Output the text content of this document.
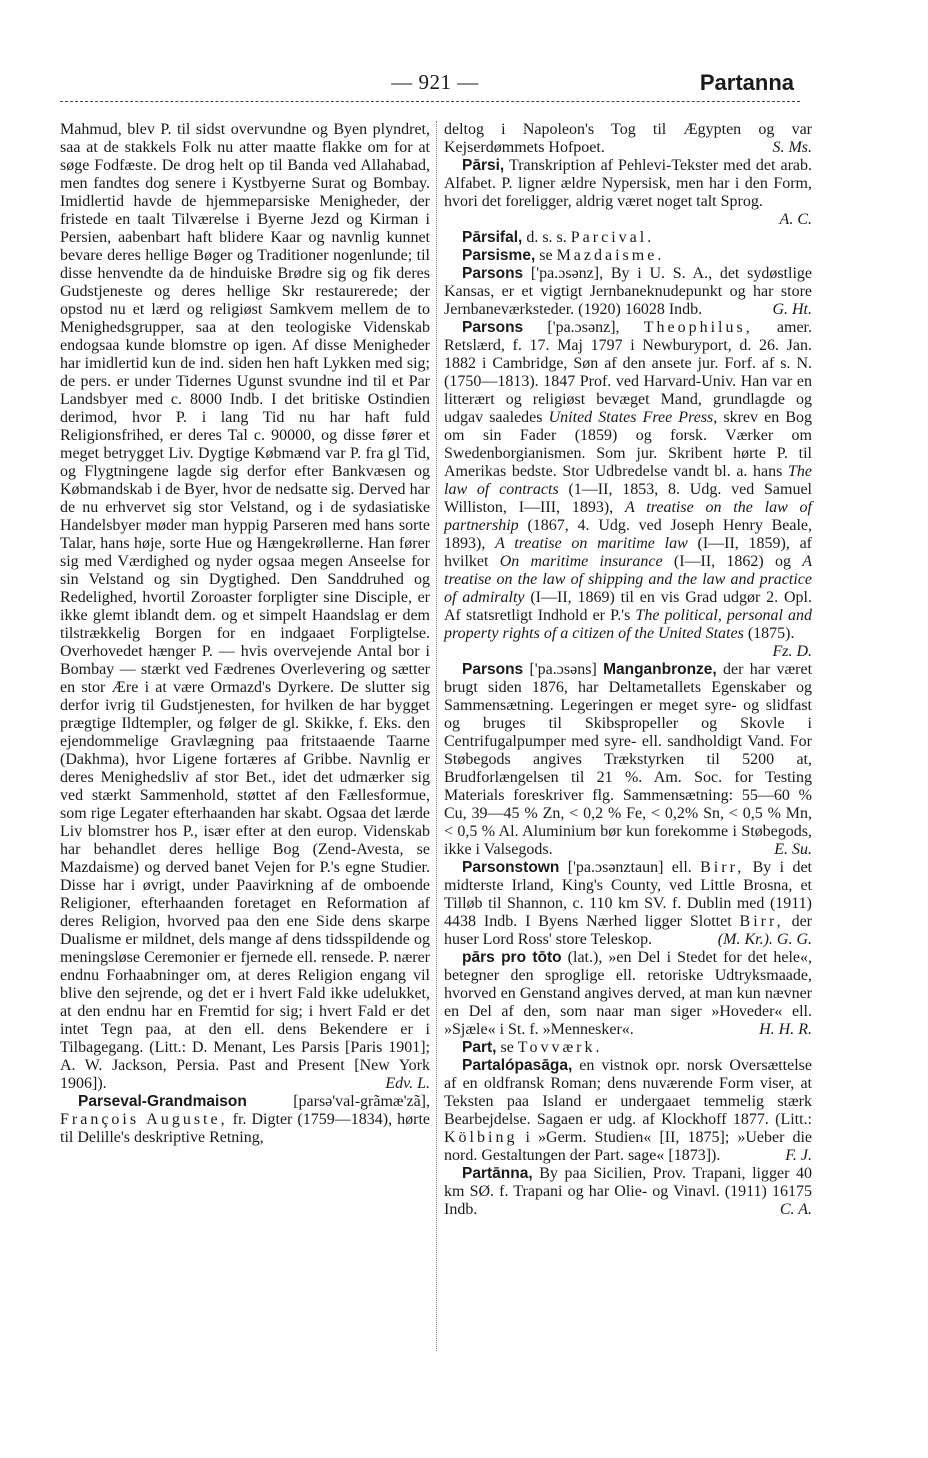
— 921 —	Partanna

Mahmud, blev P. til sidst overvundne og Byen plyndret, saa at de stakkels Folk nu atter maatte flakke om for at søge Fodfæste. De drog helt op til Banda ved Allahabad, men fandtes dog senere i Kystbyerne Surat og Bombay. Imidlertid havde de hjemmeparsiske Menigheder, der fristede en taalt Tilværelse i Byerne Jezd og Kirman i Persien, aabenbart haft blidere Kaar og navnlig kunnet bevare deres hellige Bøger og Traditioner nogenlunde; til disse henvendte da de hinduiske Brødre sig og fik deres Gudstjeneste og deres hellige Skr restaurerede; der opstod nu et lærd og religiøst Samkvem mellem de to Menighedsgrupper, saa at den teologiske Videnskab endogsaa kunde blomstre op igen. Af disse Menigheder har imidlertid kun de ind. siden hen haft Lykken med sig; de pers. er under Tidernes Ugunst svundne ind til et Par Landsbyer med c. 8000 Indb. I det britiske Ostindien derimod, hvor P. i lang Tid nu har haft fuld Religionsfrihed, er deres Tal c. 90000, og disse fører et meget betrygget Liv. Dygtige Købmænd var P. fra gl Tid, og Flygtningene lagde sig derfor efter Bankvæsen og Købmandskab i de Byer, hvor de nedsatte sig. Derved har de nu erhvervet sig stor Velstand, og i de sydasiatiske Handelsbyer møder man hyppig Parseren med hans sorte Talar, hans høje, sorte Hue og Hængekrøllerne. Han fører sig med Værdighed og nyder ogsaa megen Anseelse for sin Velstand og sin Dygtighed. Den Sanddruhed og Redelighed, hvortil Zoroaster forpligter sine Disciple, er ikke glemt iblandt dem. og et simpelt Haandslag er dem tilstrækkelig Borgen for en indgaaet Forpligtelse. Overhovedet hænger P. — hvis overvejende Antal bor i Bombay — stærkt ved Fædrenes Overlevering og sætter en stor Ære i at være Ormazd's Dyrkere. De slutter sig derfor ivrig til Gudstjenesten, for hvilken de har bygget prægtige Ildtempler, og følger de gl. Skikke, f. Eks. den ejendommelige Gravlægning paa fritstaaende Taarne (Dakhma), hvor Ligene fortæres af Gribbe. Navnlig er deres Menighedsliv af stor Bet., idet det udmærker sig ved stærkt Sammenhold, støttet af den Fællesformue, som rige Legater efterhaanden har skabt. Ogsaa det lærde Liv blomstrer hos P., især efter at den europ. Videnskab har behandlet deres hellige Bog (Zend-Avesta, se Mazdaisme) og derved banet Vejen for P.'s egne Studier. Disse har i øvrigt, under Paavirkning af de omboende Religioner, efterhaanden foretaget en Reformation af deres Religion, hvorved paa den ene Side dens skarpe Dualisme er mildnet, dels mange af dens tidsspildende og meningsløse Ceremonier er fjernede ell. rensede. P. nærer endnu Forhaabninger om, at deres Religion engang vil blive den sejrende, og det er i hvert Fald ikke udelukket, at den endnu har en Fremtid for sig; i hvert Fald er det intet Tegn paa, at den ell. dens Bekendere er i Tilbagegang. (Litt.: D. Menant, Les Parsis [Paris 1901]; A. W. Jackson, Persia. Past and Present [New York 1906]).	Edv. L.

Parseval-Grandmaison	[parsə'val-grãmæ'zã], François Auguste, fr. Digter (1759—1834), hørte til Delille's deskriptive Retning,

deltog i Napoleon's Tog til Ægypten og var Kejserdømmets Hofpoet.	S. Ms.

Pārsi, Transkription af Pehlevi-Tekster med det arab. Alfabet. P. ligner ældre Nypersisk, men har i den Form, hvori det foreligger, aldrig været noget talt Sprog.
A. C.

Pārsifal, d. s. s. Parcival.

Parsisme, se Mazdaisme.

Parsons ['pa.ɔsənz], By i U. S. A., det sydøstlige Kansas, er et vigtigt Jernbaneknudepunkt og har store Jernbaneværksteder. (1920) 16028 Indb.	G. Ht.

Parsons ['pa.ɔsənz], Theophilus, amer. Retslærd, f. 17. Maj 1797 i Newburyport, d. 26. Jan. 1882 i Cambridge, Søn af den ansete jur. Forf. af s. N. (1750—1813). 1847 Prof. ved Harvard-Univ. Han var en litterært og religiøst bevæget Mand, grundlagde og udgav saaledes United States Free Press, skrev en Bog om sin Fader (1859) og forsk. Værker om Swedenborgianismen. Som jur. Skribent hørte P. til Amerikas bedste. Stor Udbredelse vandt bl. a. hans The law of contracts (1—II, 1853, 8. Udg. ved Samuel Williston, I—III, 1893), A treatise on the law of partnership (1867, 4. Udg. ved Joseph Henry Beale, 1893), A treatise on maritime law (I—II, 1859), af hvilket On maritime insurance (I—II, 1862) og A treatise on the law of shipping and the law and practice of admiralty (I—II, 1869) til en vis Grad udgør 2. Opl. Af statsretligt Indhold er P.'s The political, personal and property rights of a citizen of the United States (1875).
Fz. D.

Parsons ['pa.ɔsəns] Manganbronze, der har været brugt siden 1876, har Deltametallets Egenskaber og Sammensætning. Legeringen er meget syre- og slidfast og bruges til Skibspropeller og Skovle i Centrifugalpumper med syre- ell. sandholdigt Vand. For Støbegods angives Trækstyrken til 5200 at, Brudforlængelsen til 21 %. Am. Soc. for Testing Materials foreskriver flg. Sammensætning: 55—60 % Cu, 39—45 % Zn, < 0,2 % Fe, < 0,2% Sn, < 0,5 % Mn, < 0,5 % Al. Aluminium bør kun forekomme i Støbegods, ikke i Valsegods.	E. Su.

Parsonstown ['pa.ɔsənztaun] ell. Birr, By i det midterste Irland, King's County, ved Little Brosna, et Tilløb til Shannon, c. 110 km SV. f. Dublin med (1911) 4438 Indb. I Byens Nærhed ligger Slottet Birr, der huser Lord Ross' store Teleskop.	(M. Kr.). G. G.

pārs pro tōto (lat.), »en Del i Stedet for det hele«, betegner den sproglige ell. retoriske Udtryksmaade, hvorved en Genstand angives derved, at man kun nævner en Del af den, som naar man siger »Hoveder« ell. »Sjæle« i St. f. »Mennesker«.	H. H. R.

Part, se Tovværk.

Partalópasāga, en vistnok opr. norsk Oversættelse af en oldfransk Roman; dens nuværende Form viser, at Teksten paa Island er undergaaet temmelig stærk Bearbejdelse. Sagaen er udg. af Klockhoff 1877. (Litt.: Kölbing i »Germ. Studien« [II, 1875]; »Ueber die nord. Gestaltungen der Part. sage« [1873]).	F. J.

Partānna, By paa Sicilien, Prov. Trapani, ligger 40 km SØ. f. Trapani og har Olie- og Vinavl. (1911) 16175 Indb.	C. A.
